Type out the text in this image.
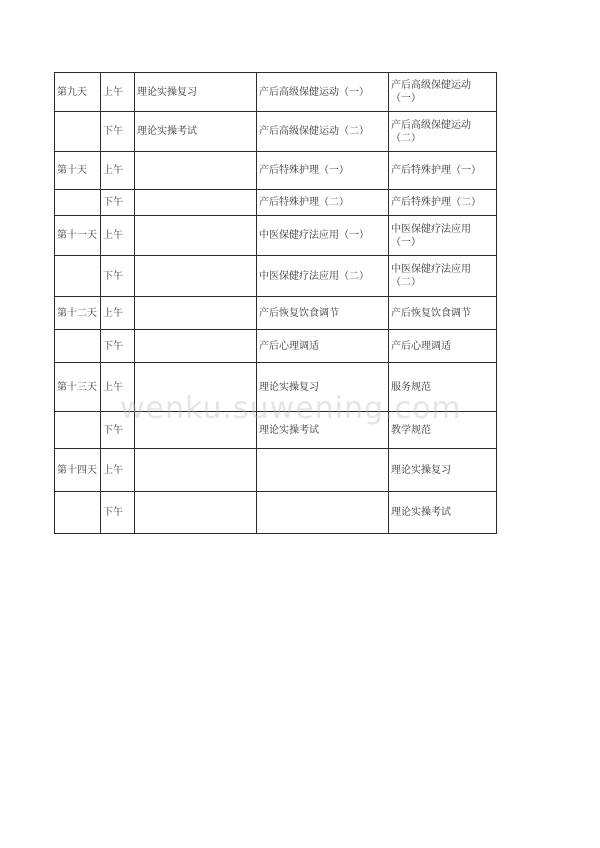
第九天	上午	理论实操复习	产后高级保健运动（一）	产后高级保健运动（一）
	下午	理论实操考试	产后高级保健运动（二）	产后高级保健运动（二）
第十天	上午		产后特殊护理（一）	产后特殊护理（一）
	下午		产后特殊护理（二）	产后特殊护理（二）
第十一天	上午		中医保健疗法应用（一）	中医保健疗法应用（一）
	下午		中医保健疗法应用（二）	中医保健疗法应用（二）
第十二天	上午		产后恢复饮食调节	产后恢复饮食调节
	下午		产后心理调适	产后心理调适
第十三天	上午		理论实操复习	服务规范
	下午		理论实操考试	教学规范
第十四天	上午			理论实操复习
	下午			理论实操考试
wenku.suwening.com
